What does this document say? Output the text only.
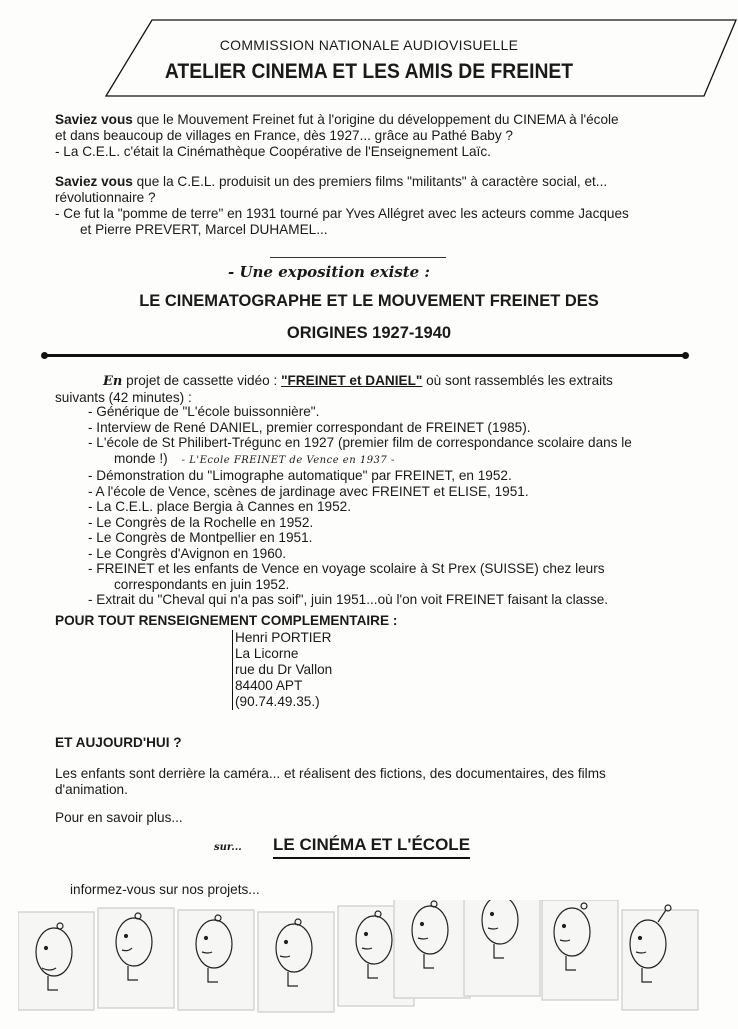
COMMISSION NATIONALE AUDIOVISUELLE
ATELIER CINEMA ET LES AMIS DE FREINET
Saviez vous que le Mouvement Freinet fut à l'origine du développement du CINEMA à l'école
et dans beaucoup de villages en France, dès 1927... grâce au Pathé Baby ?
- La C.E.L. c'était la Cinémathèque Coopérative de l'Enseignement Laïc.
Saviez vous que la C.E.L. produisit un des premiers films "militants" à caractère social, et...
révolutionnaire ?
- Ce fut la "pomme de terre" en 1931 tourné par Yves Allégret avec les acteurs comme Jacques
et Pierre PREVERT, Marcel DUHAMEL...
- Une exposition existe :
LE CINEMATOGRAPHE ET LE MOUVEMENT FREINET DES
ORIGINES 1927-1940
En projet de cassette vidéo : "FREINET et DANIEL" où sont rassemblés les extraits
suivants (42 minutes) :
- Générique de "L'école buissonnière".
- Interview de René DANIEL, premier correspondant de FREINET (1985).
- L'école de St Philibert-Trégunc en 1927 (premier film de correspondance scolaire dans le
monde !) - L'Ecole FREINET de Vence en 1937 -
- Démonstration du "Limographe automatique" par FREINET, en 1952.
- A l'école de Vence, scènes de jardinage avec FREINET et ELISE, 1951.
- La C.E.L. place Bergia à Cannes en 1952.
- Le Congrès de la Rochelle en 1952.
- Le Congrès de Montpellier en 1951.
- Le Congrès d'Avignon en 1960.
- FREINET et les enfants de Vence en voyage scolaire à St Prex (SUISSE) chez leurs
correspondants en juin 1952.
- Extrait du "Cheval qui n'a pas soif", juin 1951...où l'on voit FREINET faisant la classe.
POUR TOUT RENSEIGNEMENT COMPLEMENTAIRE :
Henri PORTIER
La Licorne
rue du Dr Vallon
84400 APT
(90.74.49.35.)
ET AUJOURD'HUI ?
Les enfants sont derrière la caméra... et réalisent des fictions, des documentaires, des films
d'animation.
Pour en savoir plus...
sur... LE CINÉMA ET L'ÉCOLE
informez-vous sur nos projets...
